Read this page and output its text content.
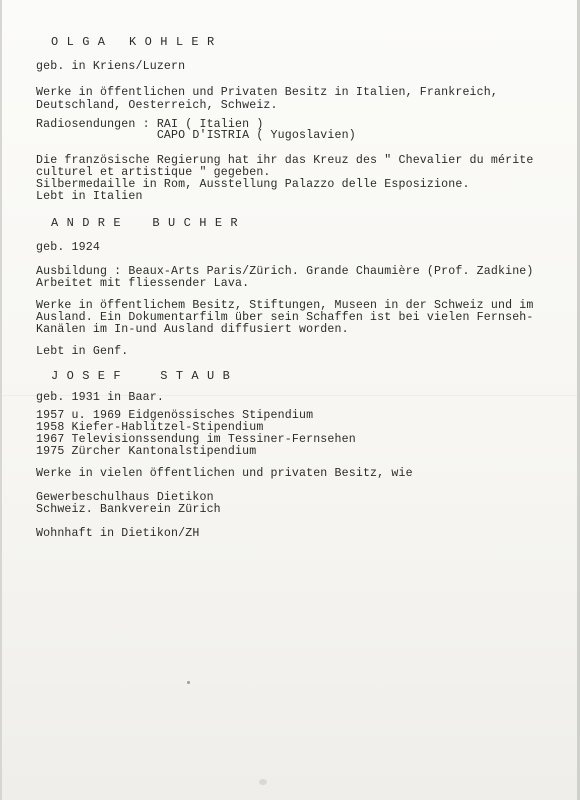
O L G A   K O H L E R
geb. in Kriens/Luzern
Werke in öffentlichen und Privaten Besitz in Italien, Frankreich,
Deutschland, Oesterreich, Schweiz.
Radiosendungen : RAI ( Italien )
CAPO D'ISTRIA ( Yugoslavien)
Die französische Regierung hat ihr das Kreuz des " Chevalier du mérite
culturel et artistique " gegeben.
Silbermedaille in Rom, Ausstellung Palazzo delle Esposizione.
Lebt in Italien
A N D R E    B U C H E R
geb. 1924
Ausbildung : Beaux-Arts Paris/Zürich. Grande Chaumière (Prof. Zadkine)
Arbeitet mit fliessender Lava.
Werke in öffentlichem Besitz, Stiftungen, Museen in der Schweiz und im
Ausland. Ein Dokumentarfilm über sein Schaffen ist bei vielen Fernseh-
Kanälen im In-und Ausland diffusiert worden.
Lebt in Genf.
J O S E F     S T A U B
geb. 1931 in Baar.
1957 u. 1969 Eidgenössisches Stipendium
1958 Kiefer-Hablitzel-Stipendium
1967 Televisionssendung im Tessiner-Fernsehen
1975 Zürcher Kantonalstipendium
Werke in vielen öffentlichen und privaten Besitz, wie
Gewerbeschulhaus Dietikon
Schweiz. Bankverein Zürich
Wohnhaft in Dietikon/ZH
